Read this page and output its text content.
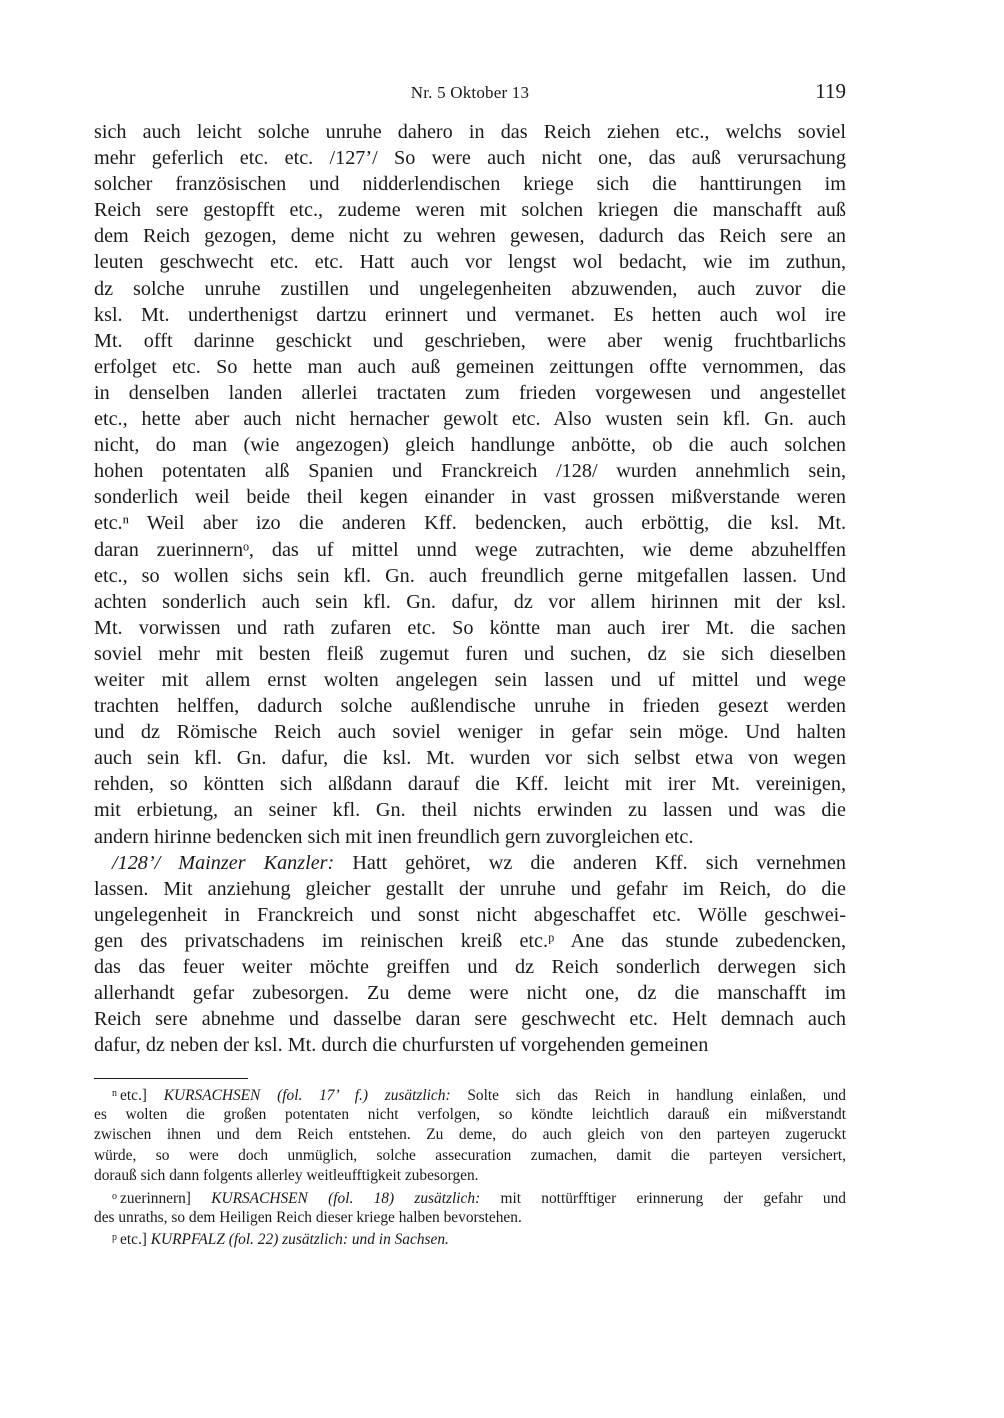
Nr. 5 Oktober 13	119
sich auch leicht solche unruhe dahero in das Reich ziehen etc., welchs soviel
mehr geferlich etc. etc. /127’/ So were auch nicht one, das auß verursachung
solcher französischen und nidderlendischen kriege sich die hanttirungen im
Reich sere gestopfft etc., zudeme weren mit solchen kriegen die manschafft auß
dem Reich gezogen, deme nicht zu wehren gewesen, dadurch das Reich sere an
leuten geschwecht etc. etc. Hatt auch vor lengst wol bedacht, wie im zuthun,
dz solche unruhe zustillen und ungelegenheiten abzuwenden, auch zuvor die
ksl. Mt. underthenigst dartzu erinnert und vermanet. Es hetten auch wol ire
Mt. offt darinne geschickt und geschrieben, were aber wenig fruchtbarlichs
erfolget etc. So hette man auch auß gemeinen zeittungen offte vernommen, das
in denselben landen allerlei tractaten zum frieden vorgewesen und angestellet
etc., hette aber auch nicht hernacher gewolt etc. Also wusten sein kfl. Gn. auch
nicht, do man (wie angezogen) gleich handlunge anbötte, ob die auch solchen
hohen potentaten alß Spanien und Franckreich /128/ wurden annehmlich sein,
sonderlich weil beide theil kegen einander in vast grossen mißverstande weren
etc.ⁿ Weil aber izo die anderen Kff. bedencken, auch erböttig, die ksl. Mt.
daran zuerinnernᵒ, das uf mittel unnd wege zutrachten, wie deme abzuhelffen
etc., so wollen sichs sein kfl. Gn. auch freundlich gerne mitgefallen lassen. Und
achten sonderlich auch sein kfl. Gn. dafur, dz vor allem hirinnen mit der ksl.
Mt. vorwissen und rath zufaren etc. So köntte man auch irer Mt. die sachen
soviel mehr mit besten fleiß zugemut furen und suchen, dz sie sich dieselben
weiter mit allem ernst wolten angelegen sein lassen und uf mittel und wege
trachten helffen, dadurch solche außlendische unruhe in frieden gesezt werden
und dz Römische Reich auch soviel weniger in gefar sein möge. Und halten
auch sein kfl. Gn. dafur, die ksl. Mt. wurden vor sich selbst etwa von wegen
rehden, so köntten sich alßdann darauf die Kff. leicht mit irer Mt. vereinigen,
mit erbietung, an seiner kfl. Gn. theil nichts erwinden zu lassen und was die
andern hirinne bedencken sich mit inen freundlich gern zuvorgleichen etc.
/128’/ Mainzer Kanzler: Hatt gehöret, wz die anderen Kff. sich vernehmen
lassen. Mit anziehung gleicher gestallt der unruhe und gefahr im Reich, do die
ungelegenheit in Franckreich und sonst nicht abgeschaffet etc. Wölle geschwei-
gen des privatschadens im reinischen kreiß etc.ᵖ Ane das stunde zubedencken,
das das feuer weiter möchte greiffen und dz Reich sonderlich derwegen sich
allerhandt gefar zubesorgen. Zu deme were nicht one, dz die manschafft im
Reich sere abnehme und dasselbe daran sere geschwecht etc. Helt demnach auch
dafur, dz neben der ksl. Mt. durch die churfursten uf vorgehenden gemeinen
$^n$ etc.] KURSACHSEN (fol. 17’ f.) zusätzlich: Solte sich das Reich in handlung einlaßen, und
es wolten die großen potentaten nicht verfolgen, so köndte leichtlich darauß ein mißverstandt
zwischen ihnen und dem Reich entstehen. Zu deme, do auch gleich von den parteyen zugeruckt
würde, so were doch unmüglich, solche assecuration zumachen, damit die parteyen versichert,
dorauß sich dann folgents allerley weitleufftigkeit zubesorgen.
$^o$ zuerinnern] KURSACHSEN (fol. 18) zusätzlich: mit nottürfftiger erinnerung der gefahr und
des unraths, so dem Heiligen Reich dieser kriege halben bevorstehen.
$^p$ etc.] KURPFALZ (fol. 22) zusätzlich: und in Sachsen.
